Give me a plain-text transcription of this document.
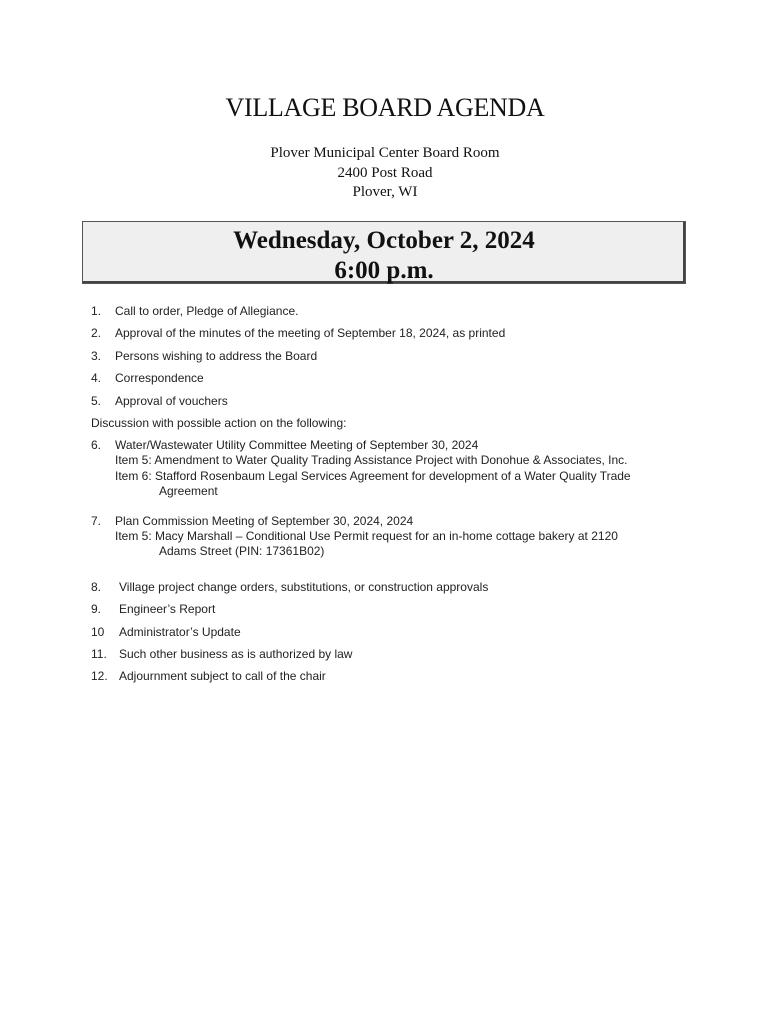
VILLAGE BOARD AGENDA
Plover Municipal Center Board Room
2400 Post Road
Plover, WI
Wednesday, October 2, 2024
6:00 p.m.
1. Call to order, Pledge of Allegiance.
2. Approval of the minutes of the meeting of September 18, 2024, as printed
3. Persons wishing to address the Board
4. Correspondence
5. Approval of vouchers
Discussion with possible action on the following:
6. Water/Wastewater Utility Committee Meeting of September 30, 2024
Item 5: Amendment to Water Quality Trading Assistance Project with Donohue & Associates, Inc.
Item 6: Stafford Rosenbaum Legal Services Agreement for development of a Water Quality Trade
Agreement
7. Plan Commission Meeting of September 30, 2024, 2024
Item 5: Macy Marshall – Conditional Use Permit request for an in-home cottage bakery at 2120
Adams Street (PIN: 17361B02)
8. Village project change orders, substitutions, or construction approvals
9. Engineer’s Report
10 Administrator’s Update
11. Such other business as is authorized by law
12. Adjournment subject to call of the chair
